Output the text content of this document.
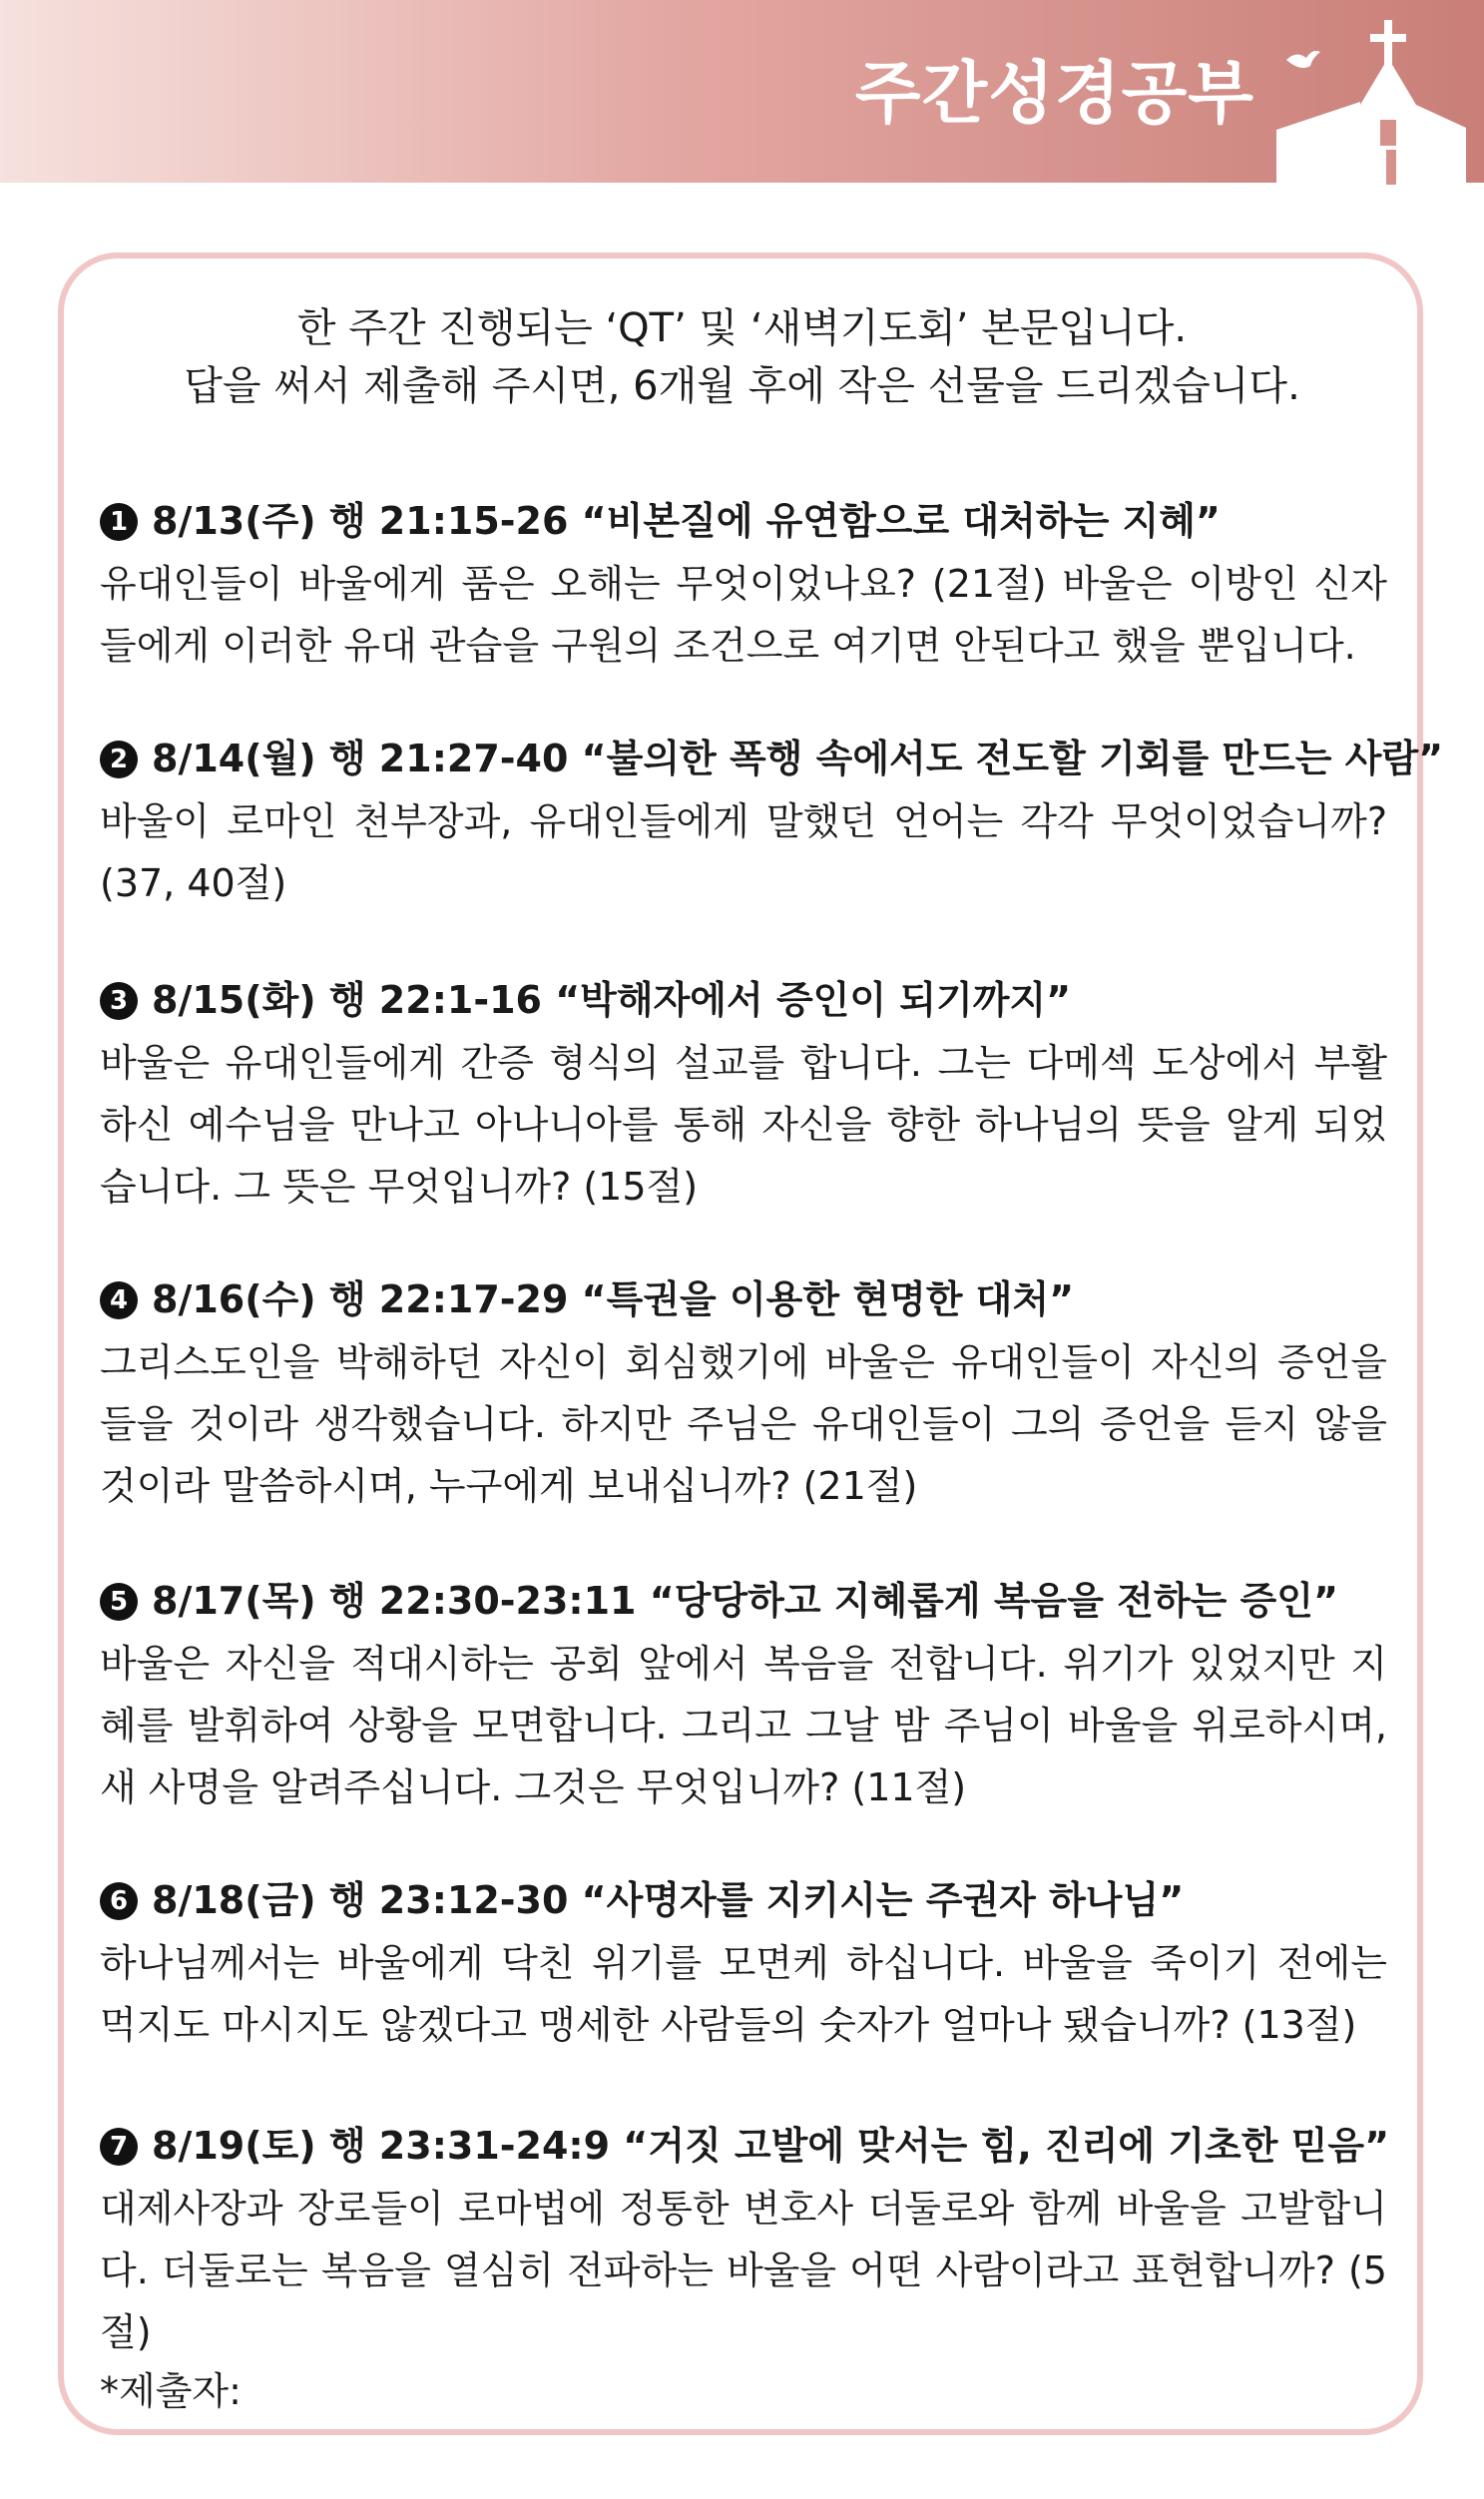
주간성경공부
한 주간 진행되는 ‘QT’ 및 ‘새벽기도회’ 본문입니다.
답을 써서 제출해 주시면, 6개월 후에 작은 선물을 드리겠습니다.
1 8/13(주) 행 21:15-26 “비본질에 유연함으로 대처하는 지혜”
유대인들이 바울에게 품은 오해는 무엇이었나요? (21절) 바울은 이방인 신자들에게 이러한 유대 관습을 구원의 조건으로 여기면 안된다고 했을 뿐입니다.
2 8/14(월) 행 21:27-40 “불의한 폭행 속에서도 전도할 기회를 만드는 사람”
바울이 로마인 천부장과, 유대인들에게 말했던 언어는 각각 무엇이었습니까? (37, 40절)
3 8/15(화) 행 22:1-16 “박해자에서 증인이 되기까지”
바울은 유대인들에게 간증 형식의 설교를 합니다. 그는 다메섹 도상에서 부활하신 예수님을 만나고 아나니아를 통해 자신을 향한 하나님의 뜻을 알게 되었습니다. 그 뜻은 무엇입니까? (15절)
4 8/16(수) 행 22:17-29 “특권을 이용한 현명한 대처”
그리스도인을 박해하던 자신이 회심했기에 바울은 유대인들이 자신의 증언을 들을 것이라 생각했습니다. 하지만 주님은 유대인들이 그의 증언을 듣지 않을 것이라 말씀하시며, 누구에게 보내십니까? (21절)
5 8/17(목) 행 22:30-23:11 “당당하고 지혜롭게 복음을 전하는 증인”
바울은 자신을 적대시하는 공회 앞에서 복음을 전합니다. 위기가 있었지만 지혜를 발휘하여 상황을 모면합니다. 그리고 그날 밤 주님이 바울을 위로하시며, 새 사명을 알려주십니다. 그것은 무엇입니까? (11절)
6 8/18(금) 행 23:12-30 “사명자를 지키시는 주권자 하나님”
하나님께서는 바울에게 닥친 위기를 모면케 하십니다. 바울을 죽이기 전에는 먹지도 마시지도 않겠다고 맹세한 사람들의 숫자가 얼마나 됐습니까? (13절)
7 8/19(토) 행 23:31-24:9 “거짓 고발에 맞서는 힘, 진리에 기초한 믿음”
대제사장과 장로들이 로마법에 정통한 변호사 더둘로와 함께 바울을 고발합니다. 더둘로는 복음을 열심히 전파하는 바울을 어떤 사람이라고 표현합니까? (5절)
*제출자:
